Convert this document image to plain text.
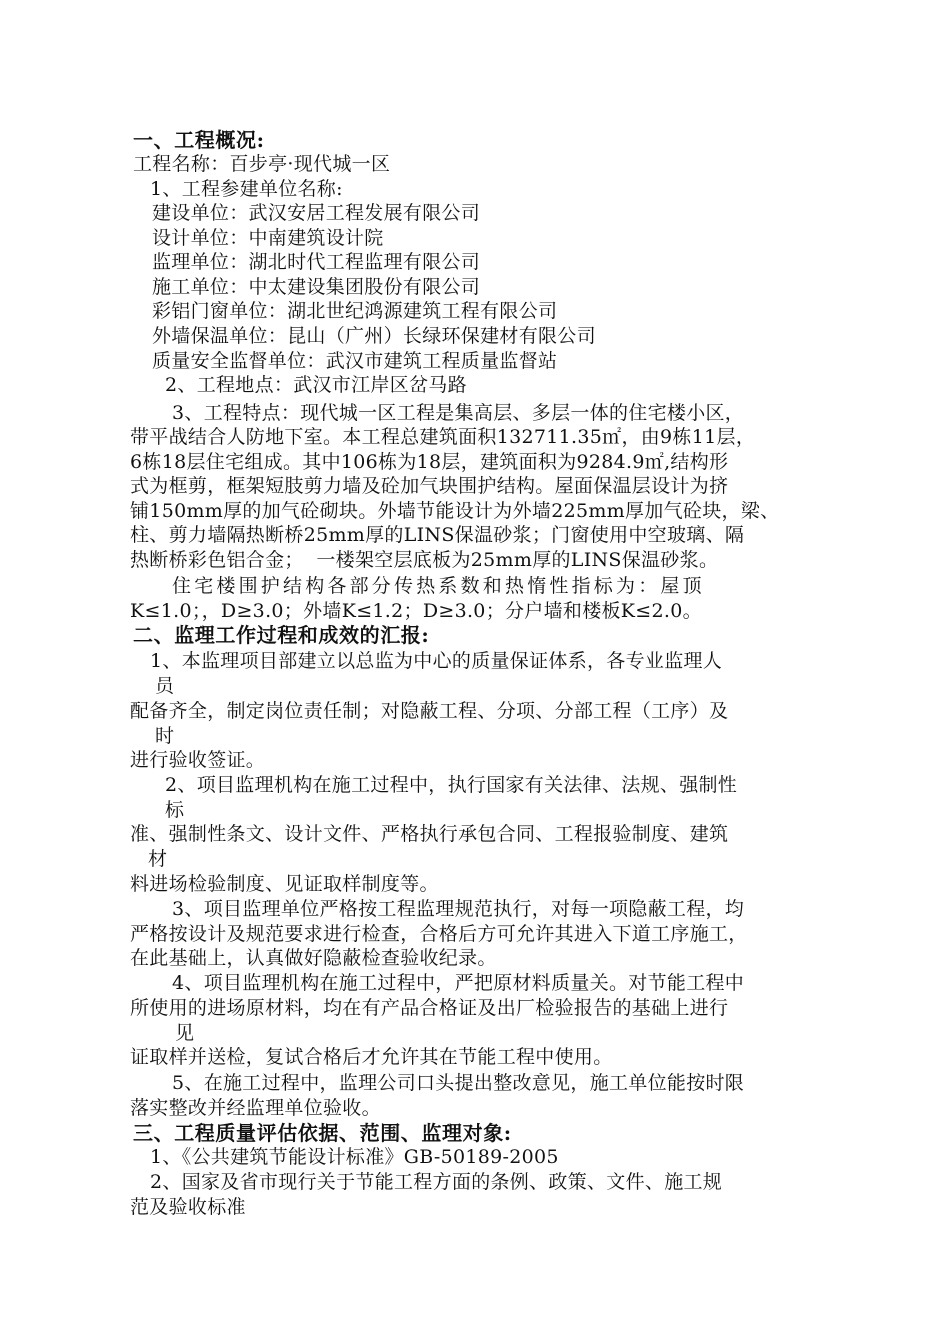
一、工程概况:
工程名称：百步亭·现代城一区
1、工程参建单位名称:
建设单位：武汉安居工程发展有限公司
设计单位：中南建筑设计院
监理单位：湖北时代工程监理有限公司
施工单位：中太建设集团股份有限公司
彩铝门窗单位：湖北世纪鸿源建筑工程有限公司
外墙保温单位：昆山（广州）长绿环保建材有限公司
质量安全监督单位：武汉市建筑工程质量监督站
2、工程地点：武汉市江岸区岔马路
3、工程特点：现代城一区工程是集高层、多层一体的住宅楼小区，
带平战结合人防地下室。本工程总建筑面积132711.35㎡，由9栋11层，
6栋18层住宅组成。其中106栋为18层，建筑面积为9284.9㎡,结构形
式为框剪，框架短肢剪力墙及砼加气块围护结构。屋面保温层设计为挤
铺150mm厚的加气砼砌块。外墙节能设计为外墙225mm厚加气砼块，梁、
柱、剪力墙隔热断桥25mm厚的LINS保温砂浆；门窗使用中空玻璃、隔
热断桥彩色铝合金；  一楼架空层底板为25mm厚的LINS保温砂浆。
住宅楼围护结构各部分传热系数和热惰性指标为：屋顶
K≤1.0；，D≥3.0；外墙K≤1.2；D≥3.0；分户墙和楼板K≤2.0。
二、监理工作过程和成效的汇报:
1、本监理项目部建立以总监为中心的质量保证体系，各专业监理人
员
配备齐全，制定岗位责任制；对隐蔽工程、分项、分部工程（工序）及
时
进行验收签证。
2、项目监理机构在施工过程中，执行国家有关法律、法规、强制性
标
准、强制性条文、设计文件、严格执行承包合同、工程报验制度、建筑
材
料进场检验制度、见证取样制度等。
3、项目监理单位严格按工程监理规范执行，对每一项隐蔽工程，均
严格按设计及规范要求进行检查，合格后方可允许其进入下道工序施工，
在此基础上，认真做好隐蔽检查验收纪录。
4、项目监理机构在施工过程中，严把原材料质量关。对节能工程中
所使用的进场原材料，均在有产品合格证及出厂检验报告的基础上进行
见
证取样并送检，复试合格后才允许其在节能工程中使用。
5、在施工过程中，监理公司口头提出整改意见，施工单位能按时限
落实整改并经监理单位验收。
三、工程质量评估依据、范围、监理对象:
1、《公共建筑节能设计标准》GB-50189-2005
2、国家及省市现行关于节能工程方面的条例、政策、文件、施工规
范及验收标准
